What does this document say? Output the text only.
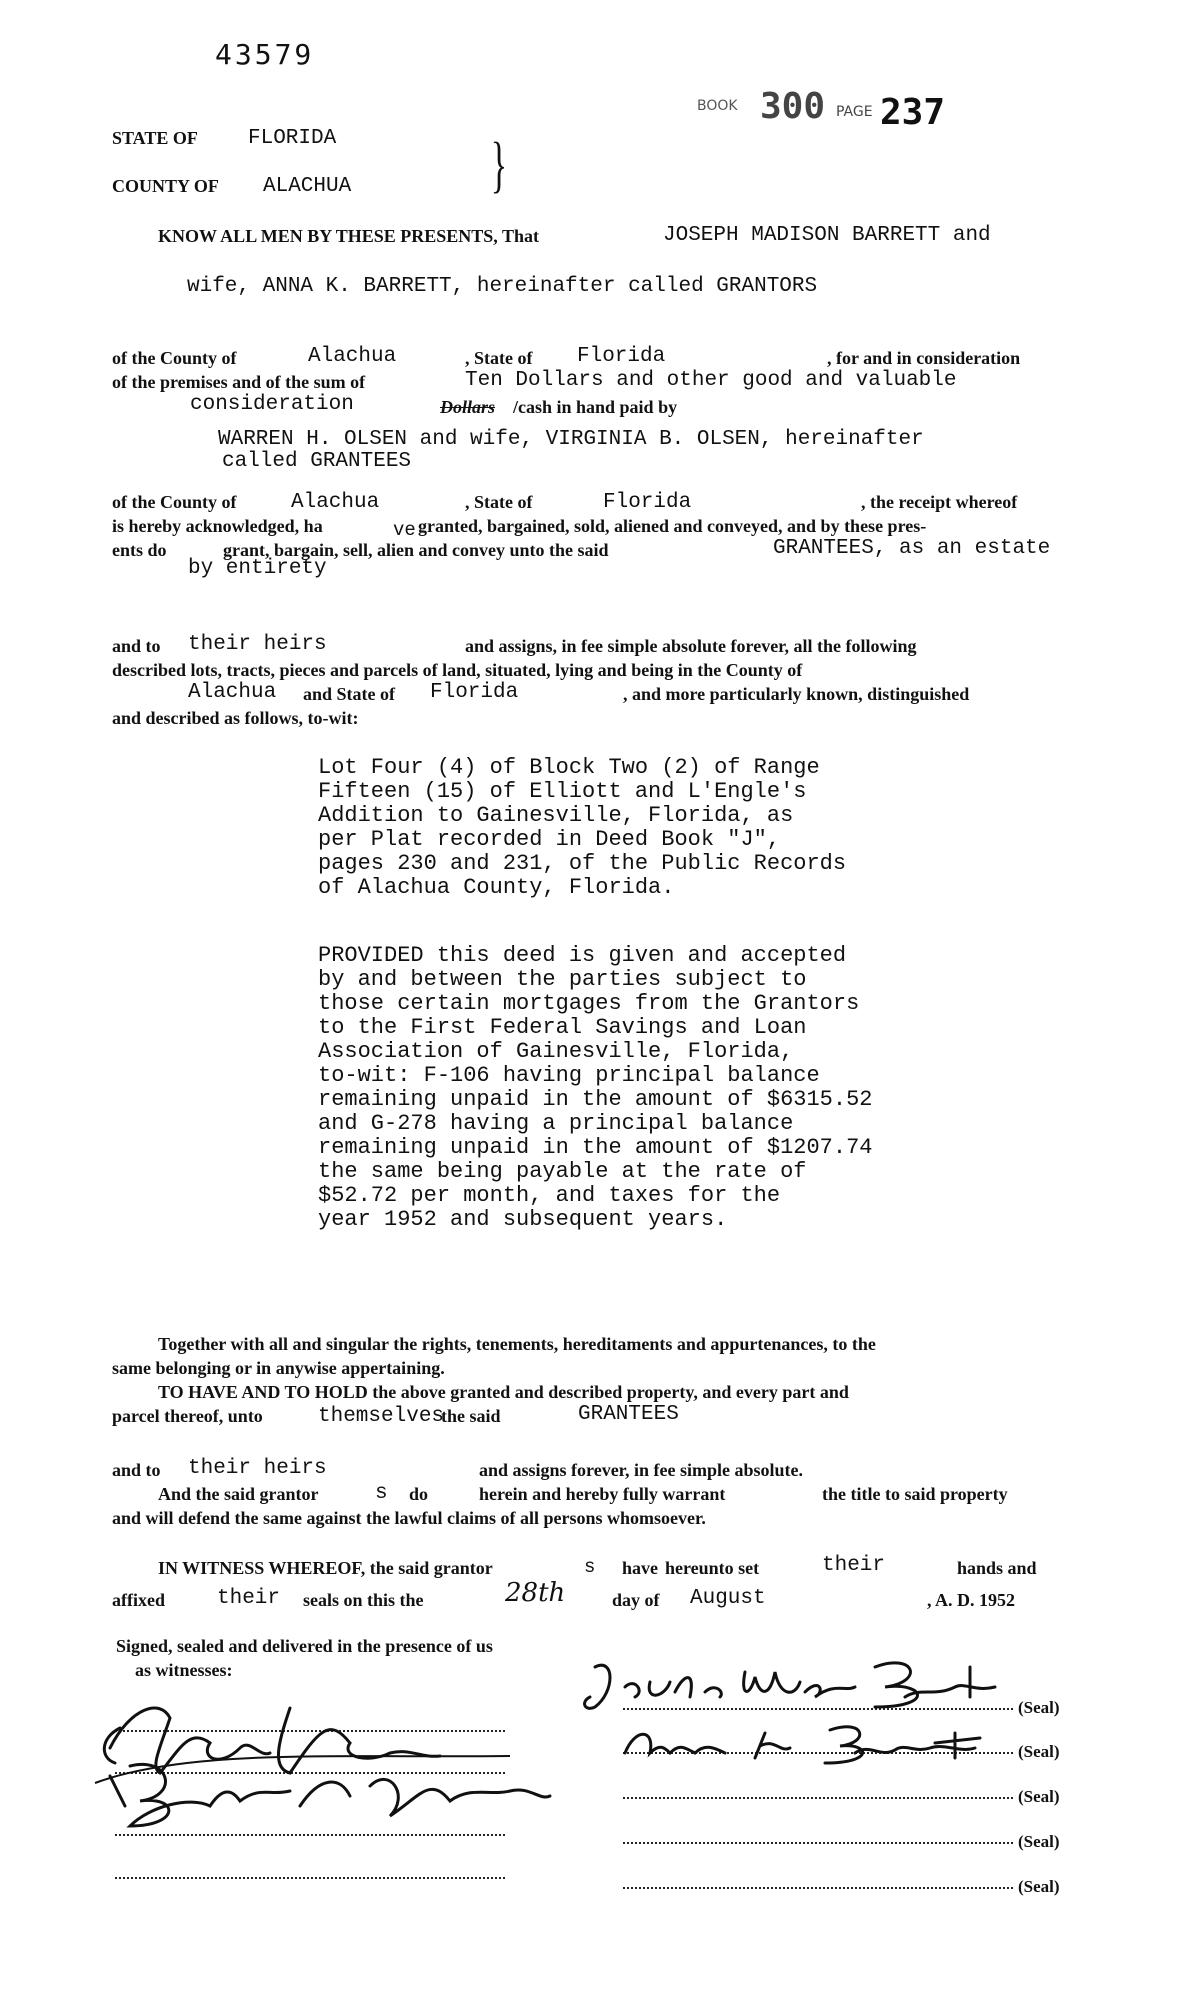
43579
BOOK 300 PAGE 237
STATE OF FLORIDA
COUNTY OF ALACHUA }
KNOW ALL MEN BY THESE PRESENTS, That	JOSEPH MADISON BARRETT and
wife, ANNA K. BARRETT, hereinafter called GRANTORS
of the County of	Alachua	, State of Florida	, for and in consideration
of the premises and of the sum of	Ten Dollars and other good and valuable
consideration	Dollars /cash in hand paid by
WARREN H. OLSEN and wife, VIRGINIA B. OLSEN, hereinafter
called GRANTEES
of the County of	Alachua	, State of	Florida	, the receipt whereof
is hereby acknowledged, ha	ve granted, bargained, sold, aliened and conveyed, and by these pres-
ents do	grant, bargain, sell, alien and convey unto the said	GRANTEES, as an estate
by entirety
and to their heirs	and assigns, in fee simple absolute forever, all the following
described lots, tracts, pieces and parcels of land, situated, lying and being in the County of
Alachua and State of Florida	, and more particularly known, distinguished
and described as follows, to-wit:
Lot Four (4) of Block Two (2) of Range
Fifteen (15) of Elliott and L'Engle's
Addition to Gainesville, Florida, as
per Plat recorded in Deed Book "J",
pages 230 and 231, of the Public Records
of Alachua County, Florida.
PROVIDED this deed is given and accepted
by and between the parties subject to
those certain mortgages from the Grantors
to the First Federal Savings and Loan
Association of Gainesville, Florida,
to-wit: F-106 having principal balance
remaining unpaid in the amount of $6315.52
and G-278 having a principal balance
remaining unpaid in the amount of $1207.74
the same being payable at the rate of
$52.72 per month, and taxes for the
year 1952 and subsequent years.
Together with all and singular the rights, tenements, hereditaments and appurtenances, to the
same belonging or in anywise appertaining.
TO HAVE AND TO HOLD the above granted and described property, and every part and
parcel thereof, unto	themselves
the said	GRANTEES
and to their heirs	and assigns forever, in fee simple absolute.
And the said grantor	s do	herein and hereby fully warrant	the title to said property
and will defend the same against the lawful claims of all persons whomsoever.
IN WITNESS WHEREOF, the said grantor	s have hereunto set	their	hands and
affixed their seals on this the	28th	day of August	, A. D. 1952
Signed, sealed and delivered in the presence of us
as witnesses:
(Seal)
(Seal)
(Seal)
(Seal)
(Seal)
Joseph Madison Barrett
Anna K. Barrett
William Graber
Bettye L. Lowell
